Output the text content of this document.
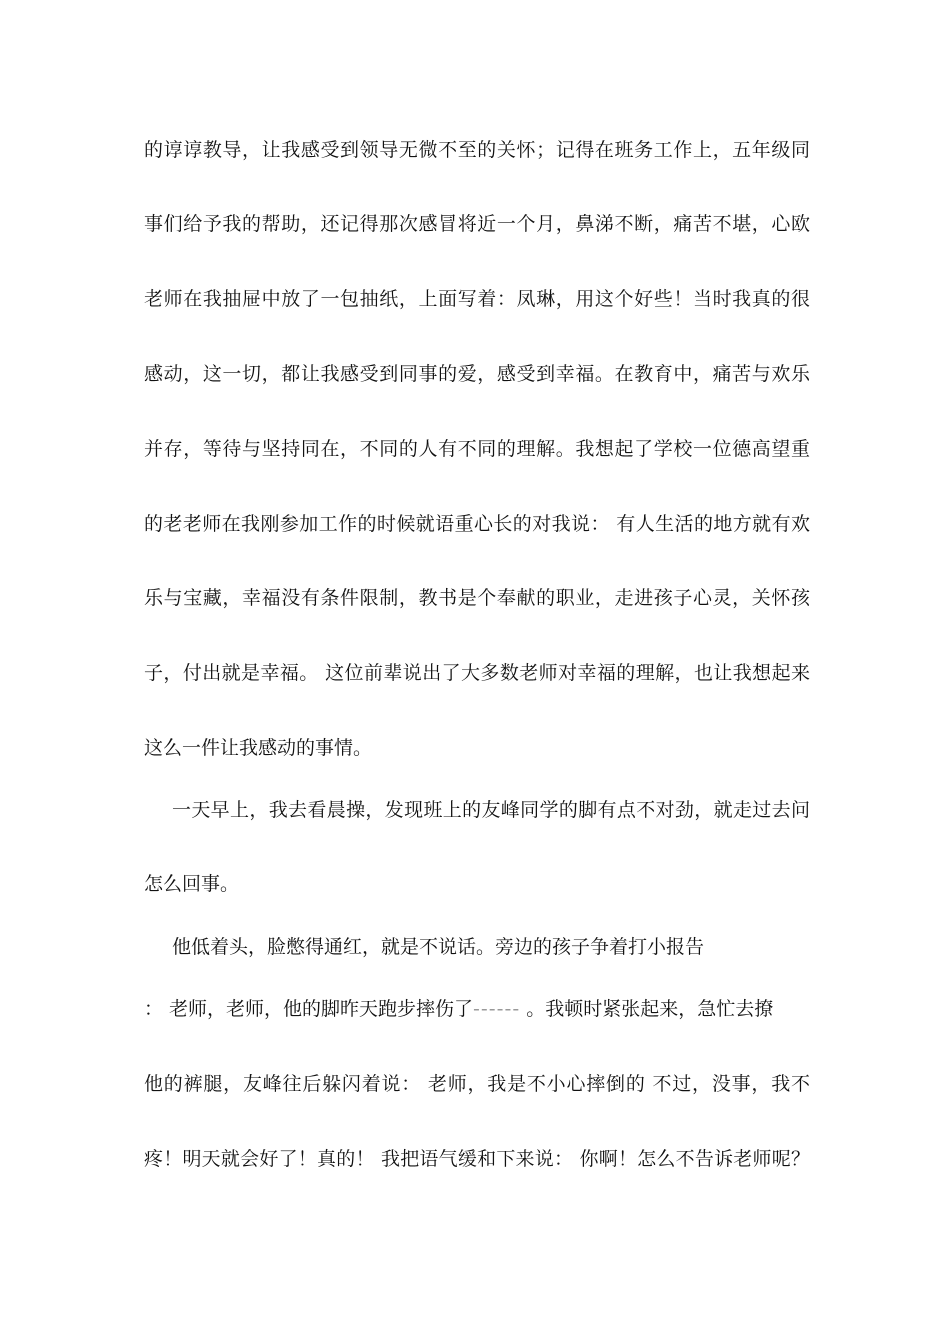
的谆谆教导，让我感受到领导无微不至的关怀；记得在班务工作上，五年级同
事们给予我的帮助，还记得那次感冒将近一个月，鼻涕不断，痛苦不堪，心欧
老师在我抽屉中放了一包抽纸，上面写着：凤琳，用这个好些！当时我真的很
感动，这一切，都让我感受到同事的爱，感受到幸福。在教育中，痛苦与欢乐
并存，等待与坚持同在，不同的人有不同的理解。我想起了学校一位德高望重
的老老师在我刚参加工作的时候就语重心长的对我说： 有人生活的地方就有欢
乐与宝藏，幸福没有条件限制，教书是个奉献的职业，走进孩子心灵，关怀孩
子，付出就是幸福。 这位前辈说出了大多数老师对幸福的理解，也让我想起来
这么一件让我感动的事情。
一天早上，我去看晨操，发现班上的友峰同学的脚有点不对劲，就走过去问
怎么回事。
他低着头，脸憋得通红，就是不说话。旁边的孩子争着打小报告
： 老师，老师，他的脚昨天跑步摔伤了------ 。我顿时紧张起来，急忙去撩
他的裤腿，友峰往后躲闪着说： 老师，我是不小心摔倒的 不过，没事，我不
疼！明天就会好了！真的！ 我把语气缓和下来说： 你啊！怎么不告诉老师呢？
